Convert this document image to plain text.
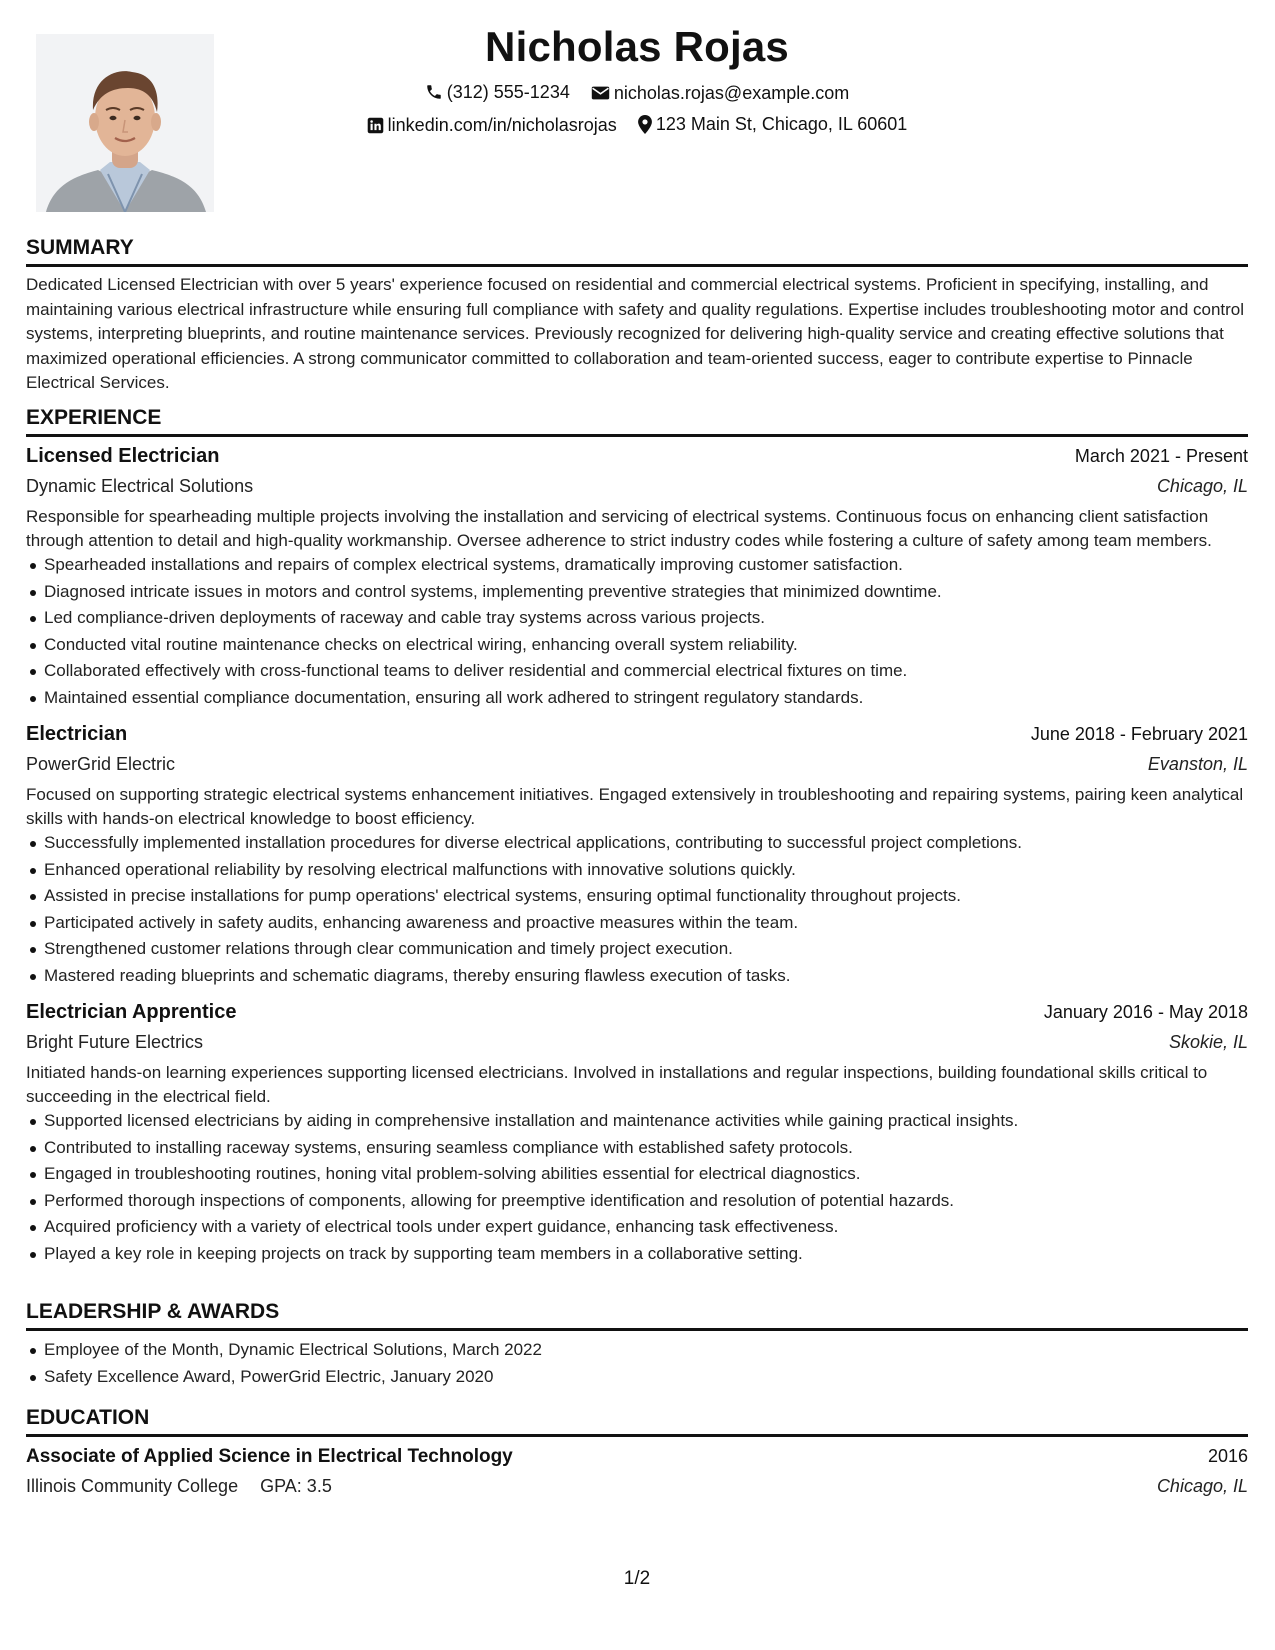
Nicholas Rojas
(312) 555-1234
nicholas.rojas@example.com
linkedin.com/in/nicholasrojas
123 Main St, Chicago, IL 60601
SUMMARY

Dedicated Licensed Electrician with over 5 years' experience focused on residential and commercial electrical systems. Proficient in specifying, installing, and maintaining various electrical infrastructure while ensuring full compliance with safety and quality regulations. Expertise includes troubleshooting motor and control systems, interpreting blueprints, and routine maintenance services. Previously recognized for delivering high-quality service and creating effective solutions that maximized operational efficiencies. A strong communicator committed to collaboration and team-oriented success, eager to contribute expertise to Pinnacle Electrical Services.

EXPERIENCE
Licensed Electrician	March 2021 - Present
Dynamic Electrical Solutions	Chicago, IL

Responsible for spearheading multiple projects involving the installation and servicing of electrical systems. Continuous focus on enhancing client satisfaction through attention to detail and high-quality workmanship. Oversee adherence to strict industry codes while fostering a culture of safety among team members.

Spearheaded installations and repairs of complex electrical systems, dramatically improving customer satisfaction.
Diagnosed intricate issues in motors and control systems, implementing preventive strategies that minimized downtime.
Led compliance-driven deployments of raceway and cable tray systems across various projects.
Conducted vital routine maintenance checks on electrical wiring, enhancing overall system reliability.
Collaborated effectively with cross-functional teams to deliver residential and commercial electrical fixtures on time.
Maintained essential compliance documentation, ensuring all work adhered to stringent regulatory standards.
Electrician	June 2018 - February 2021
PowerGrid Electric	Evanston, IL

Focused on supporting strategic electrical systems enhancement initiatives. Engaged extensively in troubleshooting and repairing systems, pairing keen analytical skills with hands-on electrical knowledge to boost efficiency.

Successfully implemented installation procedures for diverse electrical applications, contributing to successful project completions.
Enhanced operational reliability by resolving electrical malfunctions with innovative solutions quickly.
Assisted in precise installations for pump operations' electrical systems, ensuring optimal functionality throughout projects.
Participated actively in safety audits, enhancing awareness and proactive measures within the team.
Strengthened customer relations through clear communication and timely project execution.
Mastered reading blueprints and schematic diagrams, thereby ensuring flawless execution of tasks.
Electrician Apprentice	January 2016 - May 2018
Bright Future Electrics	Skokie, IL

Initiated hands-on learning experiences supporting licensed electricians. Involved in installations and regular inspections, building foundational skills critical to succeeding in the electrical field.

Supported licensed electricians by aiding in comprehensive installation and maintenance activities while gaining practical insights.
Contributed to installing raceway systems, ensuring seamless compliance with established safety protocols.
Engaged in troubleshooting routines, honing vital problem-solving abilities essential for electrical diagnostics.
Performed thorough inspections of components, allowing for preemptive identification and resolution of potential hazards.
Acquired proficiency with a variety of electrical tools under expert guidance, enhancing task effectiveness.
Played a key role in keeping projects on track by supporting team members in a collaborative setting.
LEADERSHIP & AWARDS
Employee of the Month, Dynamic Electrical Solutions, March 2022
Safety Excellence Award, PowerGrid Electric, January 2020
EDUCATION
Associate of Applied Science in Electrical Technology	2016
Illinois Community College GPA: 3.5	Chicago, IL
1/2
